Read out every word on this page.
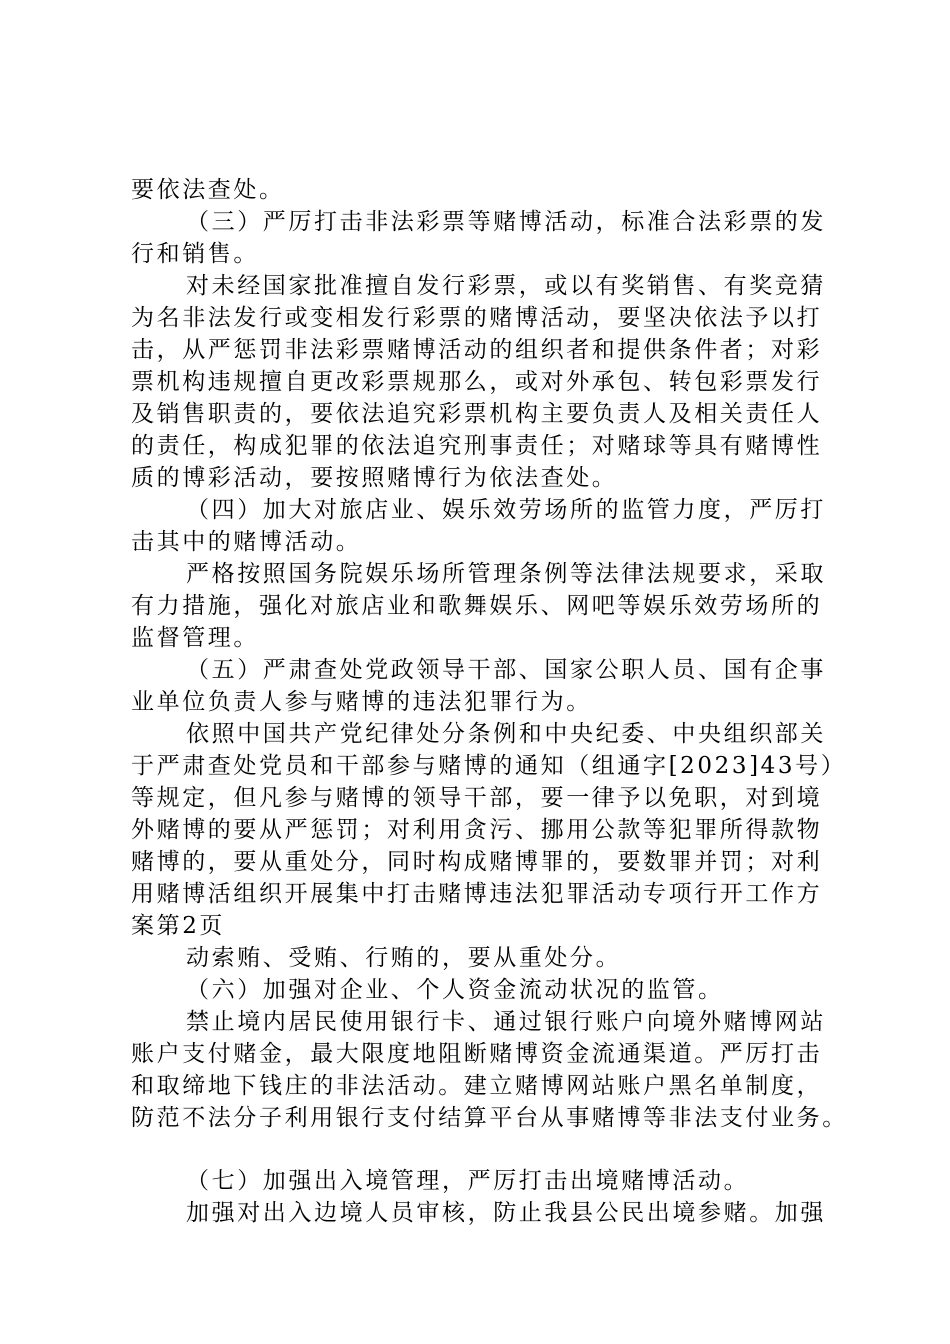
要依法查处。
（三）严厉打击非法彩票等赌博活动，标准合法彩票的发
行和销售。
对未经国家批准擅自发行彩票，或以有奖销售、有奖竞猜
为名非法发行或变相发行彩票的赌博活动，要坚决依法予以打
击，从严惩罚非法彩票赌博活动的组织者和提供条件者；对彩
票机构违规擅自更改彩票规那么，或对外承包、转包彩票发行
及销售职责的，要依法追究彩票机构主要负责人及相关责任人
的责任，构成犯罪的依法追究刑事责任；对赌球等具有赌博性
质的博彩活动，要按照赌博行为依法查处。
（四）加大对旅店业、娱乐效劳场所的监管力度，严厉打
击其中的赌博活动。
严格按照国务院娱乐场所管理条例等法律法规要求，采取
有力措施，强化对旅店业和歌舞娱乐、网吧等娱乐效劳场所的
监督管理。
（五）严肃查处党政领导干部、国家公职人员、国有企事
业单位负责人参与赌博的违法犯罪行为。
依照中国共产党纪律处分条例和中央纪委、中央组织部关
于严肃查处党员和干部参与赌博的通知（组通字[2023]43号）
等规定，但凡参与赌博的领导干部，要一律予以免职，对到境
外赌博的要从严惩罚；对利用贪污、挪用公款等犯罪所得款物
赌博的，要从重处分，同时构成赌博罪的，要数罪并罚；对利
用赌博活组织开展集中打击赌博违法犯罪活动专项行开工作方
案第2页
动索贿、受贿、行贿的，要从重处分。
（六）加强对企业、个人资金流动状况的监管。
禁止境内居民使用银行卡、通过银行账户向境外赌博网站
账户支付赌金，最大限度地阻断赌博资金流通渠道。严厉打击
和取缔地下钱庄的非法活动。建立赌博网站账户黑名单制度，
防范不法分子利用银行支付结算平台从事赌博等非法支付业务。
（七）加强出入境管理，严厉打击出境赌博活动。
加强对出入边境人员审核，防止我县公民出境参赌。加强
